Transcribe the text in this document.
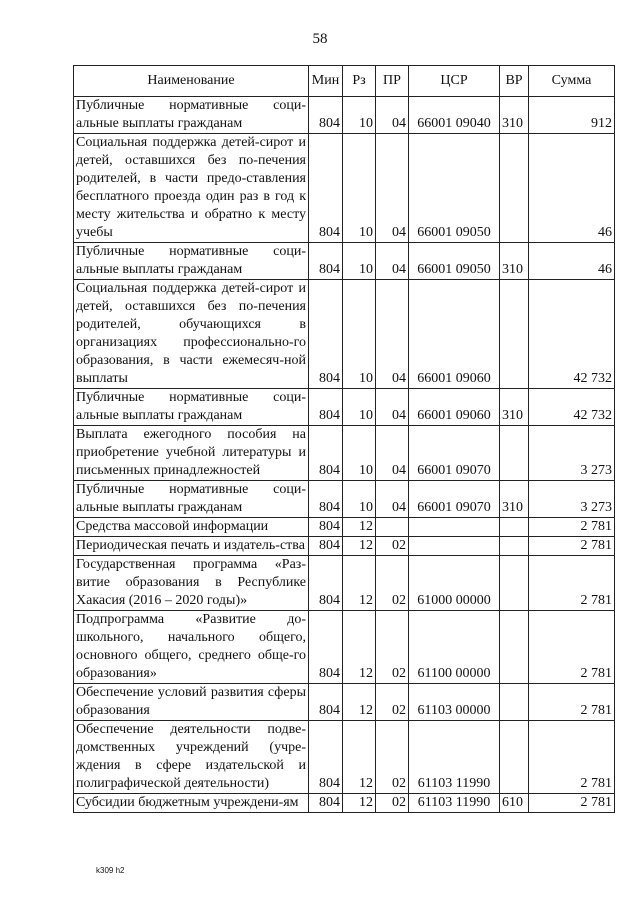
58
Наименование	Мин	Рз	ПР	ЦСР	ВР	Сумма
Публичные нормативные соци-альные выплаты гражданам	804	10	04	66001 09040	310	912
Социальная поддержка детей-сирот и детей, оставшихся без по-печения родителей, в части предо-ставления бесплатного проезда один раз в год к месту жительства и обратно к месту учебы	804	10	04	66001 09050		46
Публичные нормативные соци-альные выплаты гражданам	804	10	04	66001 09050	310	46
Социальная поддержка детей-сирот и детей, оставшихся без по-печения родителей, обучающихся в организациях профессионально-го образования, в части ежемесяч-ной выплаты	804	10	04	66001 09060		42 732
Публичные нормативные соци-альные выплаты гражданам	804	10	04	66001 09060	310	42 732
Выплата ежегодного пособия на приобретение учебной литературы и письменных принадлежностей	804	10	04	66001 09070		3 273
Публичные нормативные соци-альные выплаты гражданам	804	10	04	66001 09070	310	3 273
Средства массовой информации	804	12				2 781
Периодическая печать и издатель-ства	804	12	02			2 781
Государственная программа «Раз-витие образования в Республике Хакасия (2016 – 2020 годы)»	804	12	02	61000 00000		2 781
Подпрограмма «Развитие до-школьного, начального общего, основного общего, среднего обще-го образования»	804	12	02	61100 00000		2 781
Обеспечение условий развития сферы образования	804	12	02	61103 00000		2 781
Обеспечение деятельности подве-домственных учреждений (учре-ждения в сфере издательской и полиграфической деятельности)	804	12	02	61103 11990		2 781
Субсидии бюджетным учреждени-ям	804	12	02	61103 11990	610	2 781
k309 h2
